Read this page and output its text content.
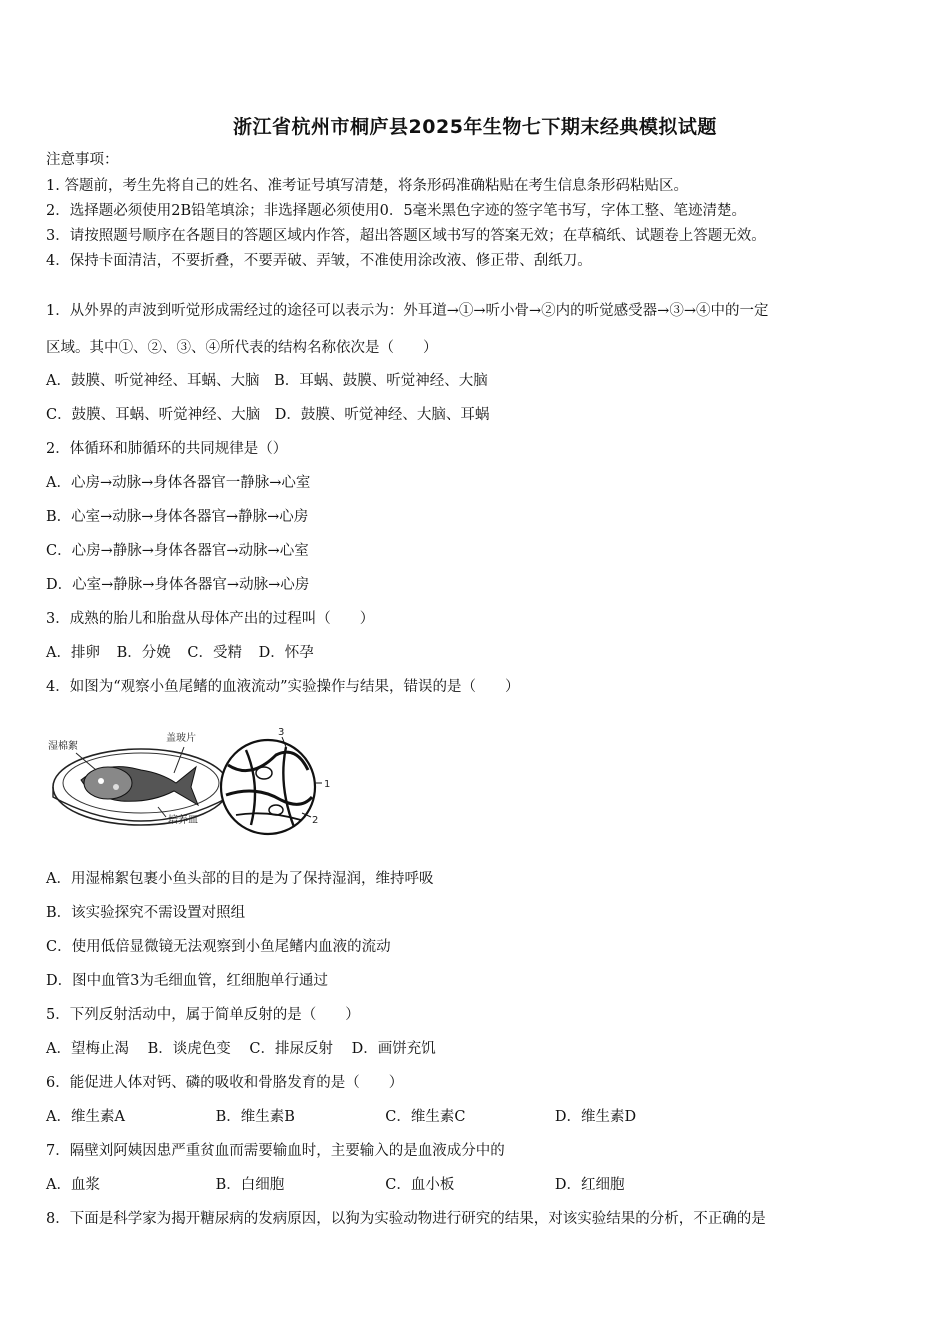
浙江省杭州市桐庐县2025年生物七下期末经典模拟试题
注意事项：
1. 答题前，考生先将自己的姓名、准考证号填写清楚，将条形码准确粘贴在考生信息条形码粘贴区。
2．选择题必须使用2B铅笔填涂；非选择题必须使用0．5毫米黑色字迹的签字笔书写，字体工整、笔迹清楚。
3．请按照题号顺序在各题目的答题区域内作答，超出答题区域书写的答案无效；在草稿纸、试题卷上答题无效。
4．保持卡面清洁，不要折叠，不要弄破、弄皱，不准使用涂改液、修正带、刮纸刀。
1．从外界的声波到听觉形成需经过的途径可以表示为：外耳道→①→听小骨→②内的听觉感受器→③→④中的一定
区域。其中①、②、③、④所代表的结构名称依次是（　　）
A．鼓膜、听觉神经、耳蜗、大脑 B．耳蜗、鼓膜、听觉神经、大脑
C．鼓膜、耳蜗、听觉神经、大脑 D．鼓膜、听觉神经、大脑、耳蜗
2．体循环和肺循环的共同规律是（）
A．心房→动脉→身体各器官一静脉→心室
B．心室→动脉→身体各器官→静脉→心房
C．心房→静脉→身体各器官→动脉→心室
D．心室→静脉→身体各器官→动脉→心房
3．成熟的胎儿和胎盘从母体产出的过程叫（　　）
A．排卵 B．分娩 C．受精 D．怀孕
4．如图为“观察小鱼尾鳍的血液流动”实验操作与结果，错误的是（　　）
湿棉絮
盖玻片
培养皿
3
1
2
A．用湿棉絮包裹小鱼头部的目的是为了保持湿润，维持呼吸
B．该实验探究不需设置对照组
C．使用低倍显微镜无法观察到小鱼尾鳍内血液的流动
D．图中血管3为毛细血管，红细胞单行通过
5．下列反射活动中，属于简单反射的是（　　）
A．望梅止渴 B．谈虎色变 C．排尿反射 D．画饼充饥
6．能促进人体对钙、磷的吸收和骨胳发育的是（　　）
A．维生素A	B．维生素B	C．维生素C	D．维生素D
7．隔壁刘阿姨因患严重贫血而需要输血时，主要输入的是血液成分中的
A．血浆	B．白细胞	C．血小板	D．红细胞
8．下面是科学家为揭开糖尿病的发病原因，以狗为实验动物进行研究的结果，对该实验结果的分析，不正确的是
